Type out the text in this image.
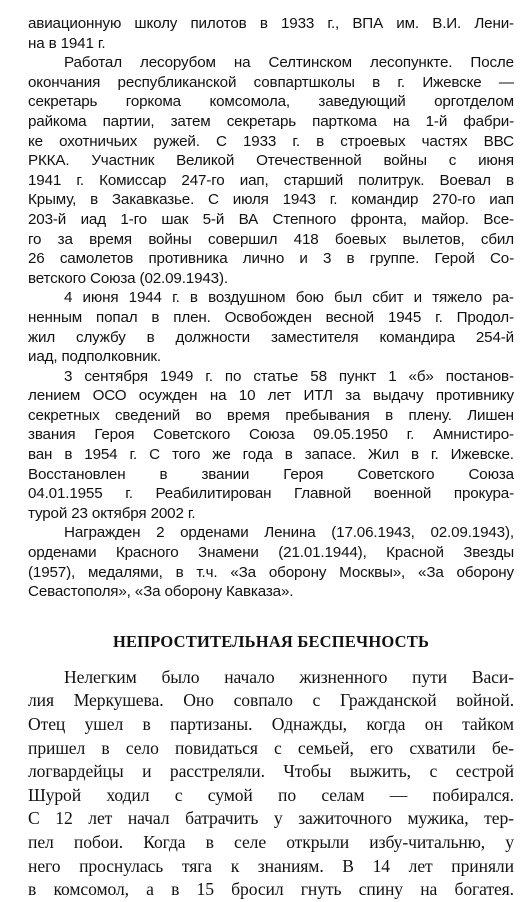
авиационную школу пилотов в 1933 г., ВПА им. В.И. Лени-
на в 1941 г.
Работал лесорубом на Селтинском лесопункте. После
окончания республиканской совпартшколы в г. Ижевске —
секретарь горкома комсомола, заведующий орготделом
райкома партии, затем секретарь парткома на 1-й фабри-
ке охотничьих ружей. С 1933 г. в строевых частях ВВС
РККА. Участник Великой Отечественной войны с июня
1941 г. Комиссар 247-го иап, старший политрук. Воевал в
Крыму, в Закавказье. С июля 1943 г. командир 270-го иап
203-й иад 1-го шак 5-й ВА Степного фронта, майор. Все-
го за время войны совершил 418 боевых вылетов, сбил
26 самолетов противника лично и 3 в группе. Герой Со-
ветского Союза (02.09.1943).
4 июня 1944 г. в воздушном бою был сбит и тяжело ра-
ненным попал в плен. Освобожден весной 1945 г. Продол-
жил службу в должности заместителя командира 254-й
иад, подполковник.
3 сентября 1949 г. по статье 58 пункт 1 «б» постанов-
лением ОСО осужден на 10 лет ИТЛ за выдачу противнику
секретных сведений во время пребывания в плену. Лишен
звания Героя Советского Союза 09.05.1950 г. Амнистиро-
ван в 1954 г. С того же года в запасе. Жил в г. Ижевске.
Восстановлен в звании Героя Советского Союза
04.01.1955 г. Реабилитирован Главной военной прокура-
турой 23 октября 2002 г.
Награжден 2 орденами Ленина (17.06.1943, 02.09.1943),
орденами Красного Знамени (21.01.1944), Красной Звезды
(1957), медалями, в т.ч. «За оборону Москвы», «За оборону
Севастополя», «За оборону Кавказа».
НЕПРОСТИТЕЛЬНАЯ БЕСПЕЧНОСТЬ
Нелегким было начало жизненного пути Васи-
лия Меркушева. Оно совпало с Гражданской войной.
Отец ушел в партизаны. Однажды, когда он тайком
пришел в село повидаться с семьей, его схватили бе-
логвардейцы и расстреляли. Чтобы выжить, с сестрой
Шурой ходил с сумой по селам — побирался.
С 12 лет начал батрачить у зажиточного мужика, тер-
пел побои. Когда в селе открыли избу-читальню, у
него проснулась тяга к знаниям. В 14 лет приняли
в комсомол, а в 15 бросил гнуть спину на богатея.
